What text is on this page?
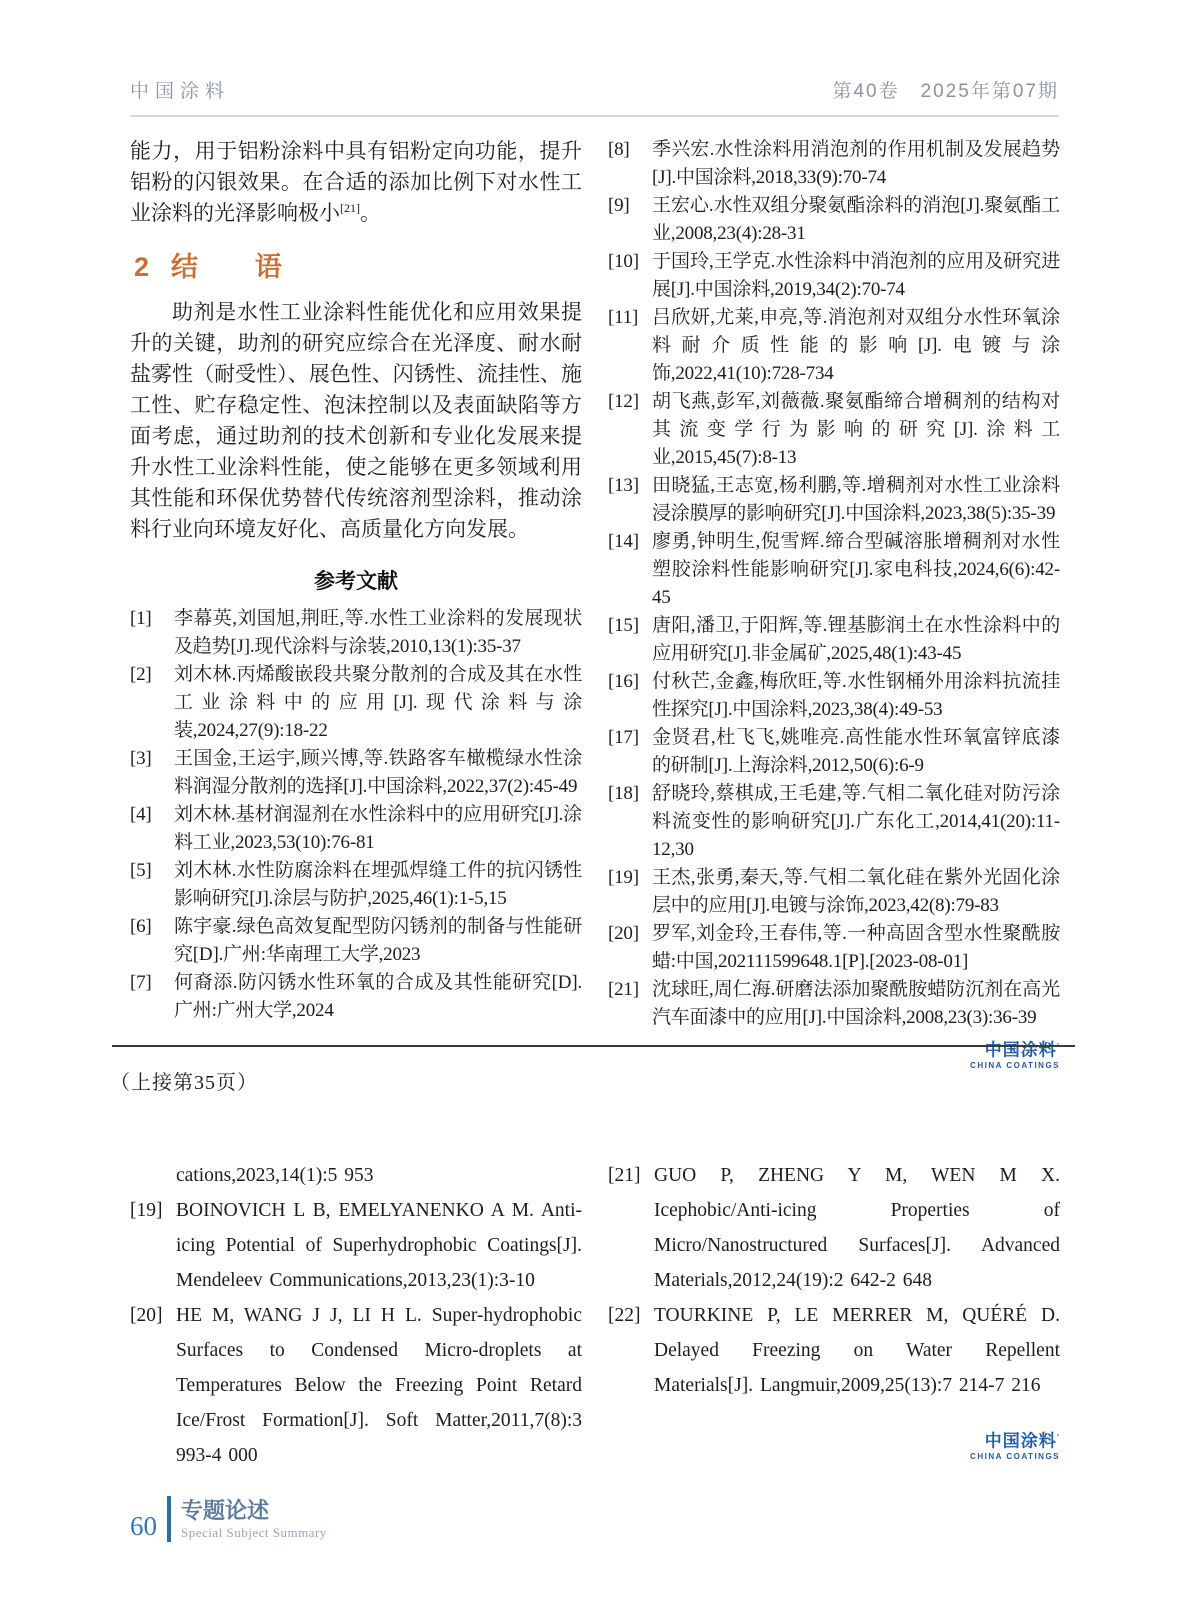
中国涂料	第40卷　2025年第07期

能力，用于铝粉涂料中具有铝粉定向功能，提升铝粉的闪银效果。在合适的添加比例下对水性工业涂料的光泽影响极小[21]。

2 结　语

助剂是水性工业涂料性能优化和应用效果提升的关键，助剂的研究应综合在光泽度、耐水耐盐雾性（耐受性）、展色性、闪锈性、流挂性、施工性、贮存稳定性、泡沫控制以及表面缺陷等方面考虑，通过助剂的技术创新和专业化发展来提升水性工业涂料性能，使之能够在更多领域利用其性能和环保优势替代传统溶剂型涂料，推动涂料行业向环境友好化、高质量化方向发展。

参考文献
[1]	李幕英,刘国旭,荆旺,等.水性工业涂料的发展现状及趋势[J].现代涂料与涂装,2010,13(1):35-37
[2]	刘木林.丙烯酸嵌段共聚分散剂的合成及其在水性工业涂料中的应用[J].现代涂料与涂装,2024,27(9):18-22
[3]	王国金,王运宇,顾兴博,等.铁路客车橄榄绿水性涂料润湿分散剂的选择[J].中国涂料,2022,37(2):45-49
[4]	刘木林.基材润湿剂在水性涂料中的应用研究[J].涂料工业,2023,53(10):76-81
[5]	刘木林.水性防腐涂料在埋弧焊缝工件的抗闪锈性影响研究[J].涂层与防护,2025,46(1):1-5,15
[6]	陈宇豪.绿色高效复配型防闪锈剂的制备与性能研究[D].广州:华南理工大学,2023
[7]	何裔添.防闪锈水性环氧的合成及其性能研究[D].广州:广州大学,2024
[8]	季兴宏.水性涂料用消泡剂的作用机制及发展趋势[J].中国涂料,2018,33(9):70-74
[9]	王宏心.水性双组分聚氨酯涂料的消泡[J].聚氨酯工业,2008,23(4):28-31
[10] 于国玲,王学克.水性涂料中消泡剂的应用及研究进展[J].中国涂料,2019,34(2):70-74
[11] 吕欣妍,尤莱,申亮,等.消泡剂对双组分水性环氧涂料耐介质性能的影响[J].电镀与涂饰,2022,41(10):728-734
[12] 胡飞燕,彭军,刘薇薇.聚氨酯缔合增稠剂的结构对其流变学行为影响的研究[J].涂料工业,2015,45(7):8-13
[13] 田晓猛,王志宽,杨利鹏,等.增稠剂对水性工业涂料浸涂膜厚的影响研究[J].中国涂料,2023,38(5):35-39
[14] 廖勇,钟明生,倪雪辉.缔合型碱溶胀增稠剂对水性塑胶涂料性能影响研究[J].家电科技,2024,6(6):42-45
[15] 唐阳,潘卫,于阳辉,等.锂基膨润土在水性涂料中的应用研究[J].非金属矿,2025,48(1):43-45
[16] 付秋芒,金鑫,梅欣旺,等.水性钢桶外用涂料抗流挂性探究[J].中国涂料,2023,38(4):49-53
[17] 金贤君,杜飞飞,姚唯亮.高性能水性环氧富锌底漆的研制[J].上海涂料,2012,50(6):6-9
[18] 舒晓玲,蔡棋成,王毛建,等.气相二氧化硅对防污涂料流变性的影响研究[J].广东化工,2014,41(20):11-12,30
[19] 王杰,张勇,秦天,等.气相二氧化硅在紫外光固化涂层中的应用[J].电镀与涂饰,2023,42(8):79-83
[20] 罗军,刘金玲,王春伟,等.一种高固含型水性聚酰胺蜡:中国,202111599648.1[P].[2023-08-01]
[21] 沈球旺,周仁海.研磨法添加聚酰胺蜡防沉剂在高光汽车面漆中的应用[J].中国涂料,2008,23(3):36-39
中国涂料’
CHINA COATINGS
（上接第35页）
cations,2023,14(1):5 953
[19] BOINOVICH L B, EMELYANENKO A M. Anti-icing Potential of Superhydrophobic Coatings[J]. Mendeleev Communications,2013,23(1):3-10
[20] HE M, WANG J J, LI H L. Super-hydrophobic Surfaces to Condensed Micro-droplets at Temperatures Below the Freezing Point Retard Ice/Frost Formation[J]. Soft Matter,2011,7(8):3 993-4 000
[21] GUO P, ZHENG Y M, WEN M X. Icephobic/Anti-icing Properties of Micro/Nanostructured Surfaces[J]. Advanced Materials,2012,24(19):2 642-2 648
[22] TOURKINE P, LE MERRER M, QUÉRÉ D. Delayed Freezing on Water Repellent Materials[J]. Langmuir,2009,25(13):7 214-7 216
中国涂料’
CHINA COATINGS
60
专题论述
Special Subject Summary
